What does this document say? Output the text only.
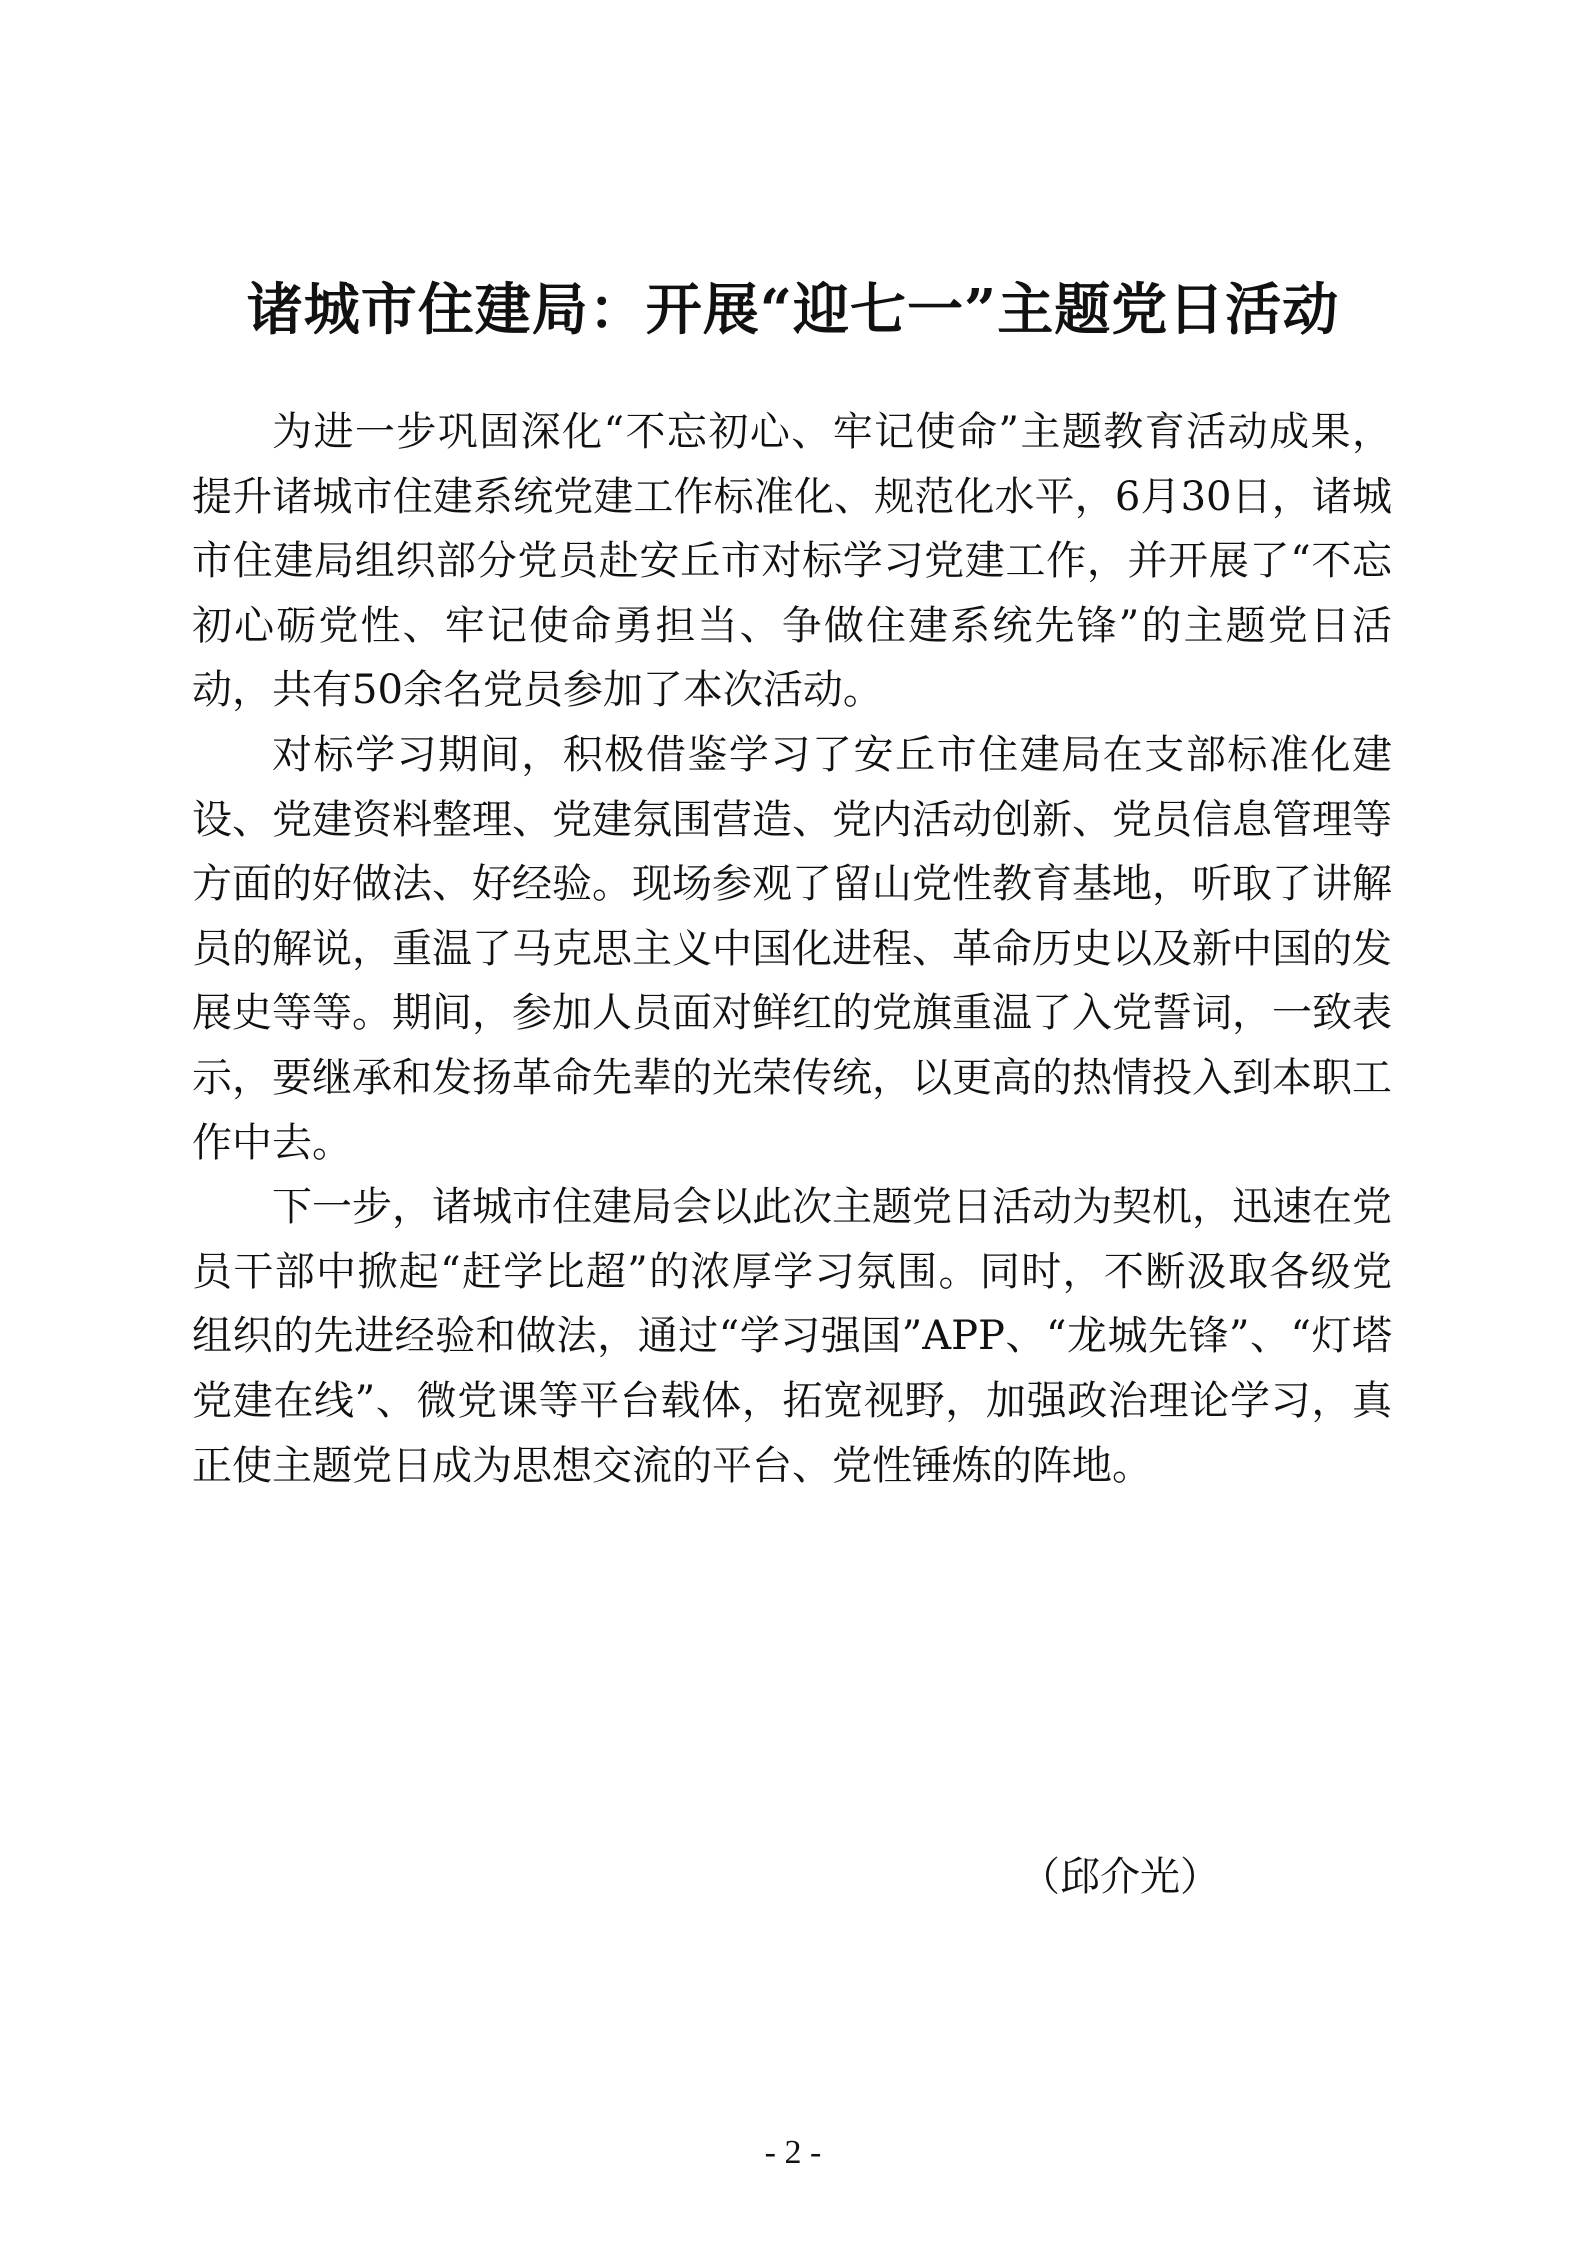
诸城市住建局：开展“迎七一”主题党日活动

为进一步巩固深化“不忘初心、牢记使命”主题教育活动成果，提升诸城市住建系统党建工作标准化、规范化水平，6月30日，诸城市住建局组织部分党员赴安丘市对标学习党建工作，并开展了“不忘初心砺党性、牢记使命勇担当、争做住建系统先锋”的主题党日活动，共有50余名党员参加了本次活动。

对标学习期间，积极借鉴学习了安丘市住建局在支部标准化建设、党建资料整理、党建氛围营造、党内活动创新、党员信息管理等方面的好做法、好经验。现场参观了留山党性教育基地，听取了讲解员的解说，重温了马克思主义中国化进程、革命历史以及新中国的发展史等等。期间，参加人员面对鲜红的党旗重温了入党誓词，一致表示，要继承和发扬革命先辈的光荣传统，以更高的热情投入到本职工作中去。

下一步，诸城市住建局会以此次主题党日活动为契机，迅速在党员干部中掀起“赶学比超”的浓厚学习氛围。同时，不断汲取各级党组织的先进经验和做法，通过“学习强国”APP、“龙城先锋”、“灯塔党建在线”、微党课等平台载体，拓宽视野，加强政治理论学习，真正使主题党日成为思想交流的平台、党性锤炼的阵地。

（邱介光）
- 2 -
